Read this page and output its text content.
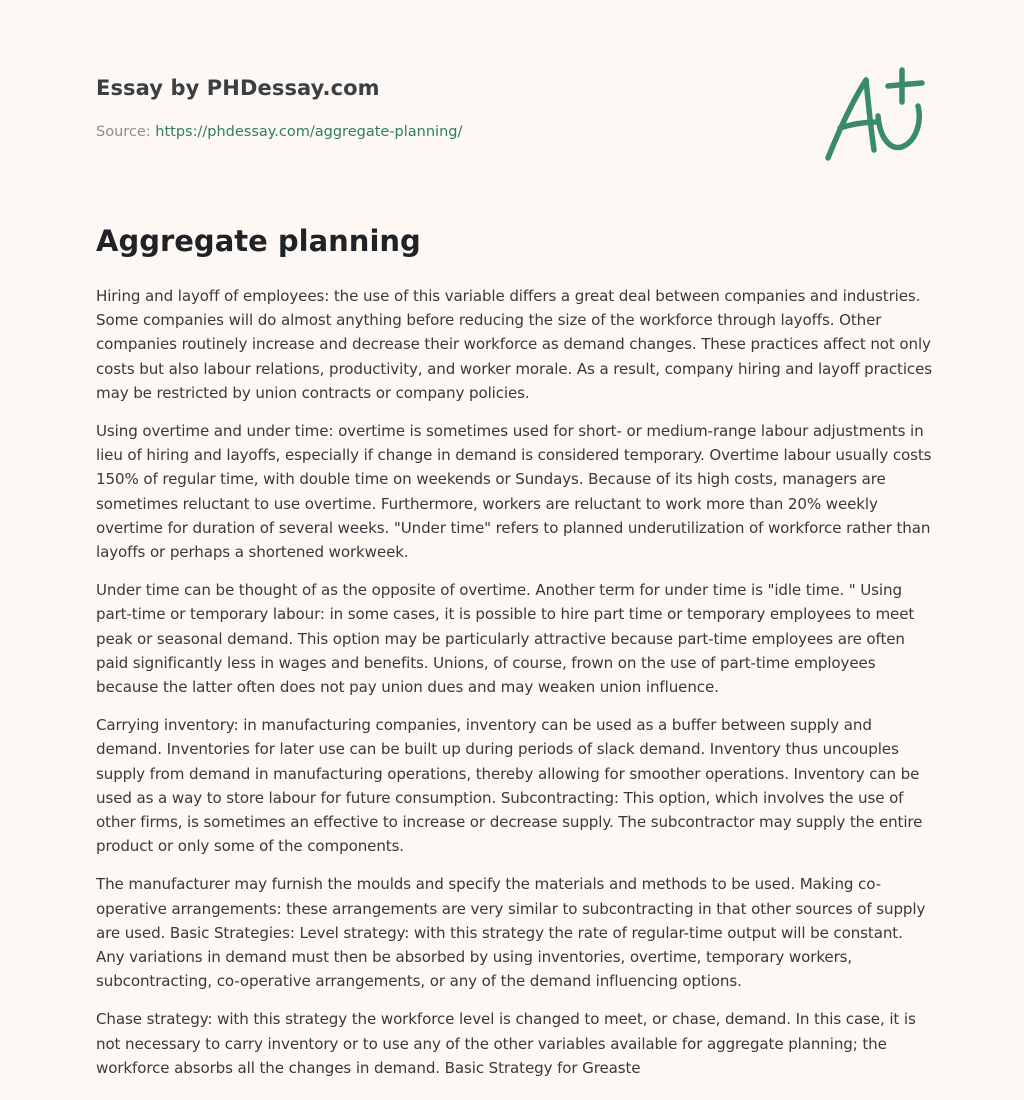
Essay by PHDessay.com
Source: https://phdessay.com/aggregate-planning/
Aggregate planning

Hiring and layoff of employees: the use of this variable differs a great deal between companies and industries. Some companies will do almost anything before reducing the size of the workforce through layoffs. Other companies routinely increase and decrease their workforce as demand changes. These practices affect not only costs but also labour relations, productivity, and worker morale. As a result, company hiring and layoff practices may be restricted by union contracts or company policies.

Using overtime and under time: overtime is sometimes used for short- or medium-range labour adjustments in lieu of hiring and layoffs, especially if change in demand is considered temporary. Overtime labour usually costs 150% of regular time, with double time on weekends or Sundays. Because of its high costs, managers are sometimes reluctant to use overtime. Furthermore, workers are reluctant to work more than 20% weekly overtime for duration of several weeks. "Under time" refers to planned underutilization of workforce rather than layoffs or perhaps a shortened workweek.

Under time can be thought of as the opposite of overtime. Another term for under time is "idle time. " Using part-time or temporary labour: in some cases, it is possible to hire part time or temporary employees to meet peak or seasonal demand. This option may be particularly attractive because part-time employees are often paid significantly less in wages and benefits. Unions, of course, frown on the use of part-time employees because the latter often does not pay union dues and may weaken union influence.

Carrying inventory: in manufacturing companies, inventory can be used as a buffer between supply and demand. Inventories for later use can be built up during periods of slack demand. Inventory thus uncouples supply from demand in manufacturing operations, thereby allowing for smoother operations. Inventory can be used as a way to store labour for future consumption. Subcontracting: This option, which involves the use of other firms, is sometimes an effective to increase or decrease supply. The subcontractor may supply the entire product or only some of the components.

The manufacturer may furnish the moulds and specify the materials and methods to be used. Making co-operative arrangements: these arrangements are very similar to subcontracting in that other sources of supply are used. Basic Strategies: Level strategy: with this strategy the rate of regular-time output will be constant. Any variations in demand must then be absorbed by using inventories, overtime, temporary workers, subcontracting, co-operative arrangements, or any of the demand influencing options.

Chase strategy: with this strategy the workforce level is changed to meet, or chase, demand. In this case, it is not necessary to carry inventory or to use any of the other variables available for aggregate planning; the workforce absorbs all the changes in demand. Basic Strategy for Greaste
